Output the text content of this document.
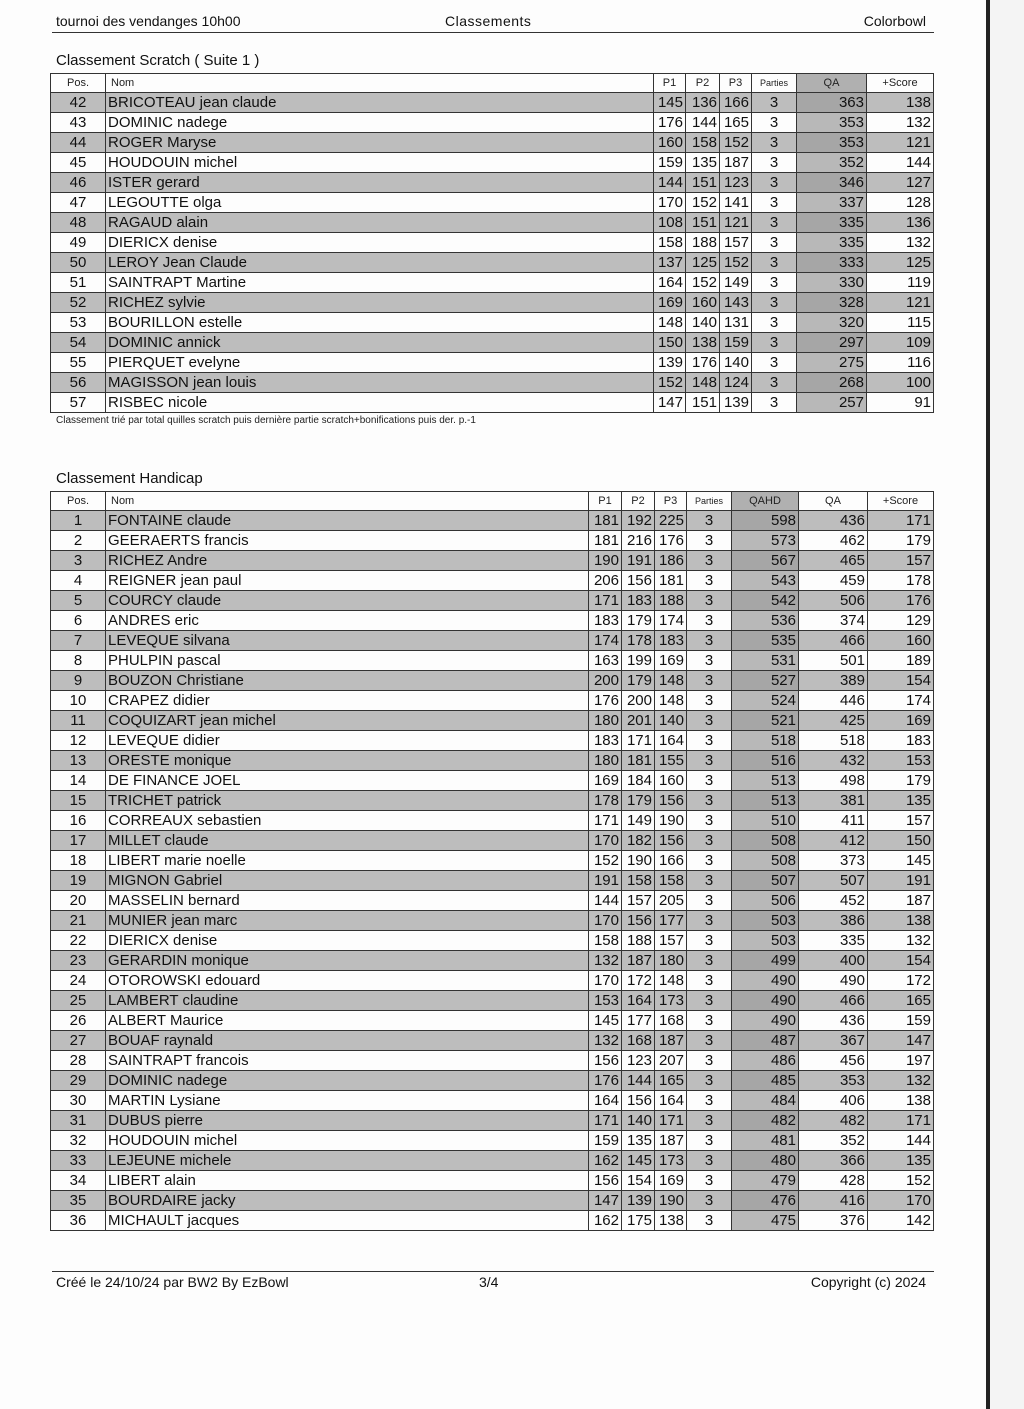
tournoi des vendanges 10h00	Classements	Colorbowl
Classement Scratch ( Suite 1 )
Pos.	Nom	P1	P2	P3	Parties	QA	+Score
42	BRICOTEAU jean claude	145	136	166	3	363	138
43	DOMINIC nadege	176	144	165	3	353	132
44	ROGER Maryse	160	158	152	3	353	121
45	HOUDOUIN michel	159	135	187	3	352	144
46	ISTER gerard	144	151	123	3	346	127
47	LEGOUTTE olga	170	152	141	3	337	128
48	RAGAUD alain	108	151	121	3	335	136
49	DIERICX denise	158	188	157	3	335	132
50	LEROY Jean Claude	137	125	152	3	333	125
51	SAINTRAPT Martine	164	152	149	3	330	119
52	RICHEZ sylvie	169	160	143	3	328	121
53	BOURILLON estelle	148	140	131	3	320	115
54	DOMINIC annick	150	138	159	3	297	109
55	PIERQUET evelyne	139	176	140	3	275	116
56	MAGISSON jean louis	152	148	124	3	268	100
57	RISBEC nicole	147	151	139	3	257	91
Classement trié par total quilles scratch puis dernière partie scratch+bonifications puis der. p.-1
Classement Handicap
Pos.	Nom	P1	P2	P3	Parties	QAHD	QA	+Score
1	FONTAINE claude	181	192	225	3	598	436	171
2	GEERAERTS francis	181	216	176	3	573	462	179
3	RICHEZ Andre	190	191	186	3	567	465	157
4	REIGNER jean paul	206	156	181	3	543	459	178
5	COURCY claude	171	183	188	3	542	506	176
6	ANDRES eric	183	179	174	3	536	374	129
7	LEVEQUE silvana	174	178	183	3	535	466	160
8	PHULPIN pascal	163	199	169	3	531	501	189
9	BOUZON Christiane	200	179	148	3	527	389	154
10	CRAPEZ didier	176	200	148	3	524	446	174
11	COQUIZART jean michel	180	201	140	3	521	425	169
12	LEVEQUE didier	183	171	164	3	518	518	183
13	ORESTE monique	180	181	155	3	516	432	153
14	DE FINANCE JOEL	169	184	160	3	513	498	179
15	TRICHET patrick	178	179	156	3	513	381	135
16	CORREAUX sebastien	171	149	190	3	510	411	157
17	MILLET claude	170	182	156	3	508	412	150
18	LIBERT marie noelle	152	190	166	3	508	373	145
19	MIGNON Gabriel	191	158	158	3	507	507	191
20	MASSELIN bernard	144	157	205	3	506	452	187
21	MUNIER jean marc	170	156	177	3	503	386	138
22	DIERICX denise	158	188	157	3	503	335	132
23	GERARDIN monique	132	187	180	3	499	400	154
24	OTOROWSKI edouard	170	172	148	3	490	490	172
25	LAMBERT claudine	153	164	173	3	490	466	165
26	ALBERT Maurice	145	177	168	3	490	436	159
27	BOUAF raynald	132	168	187	3	487	367	147
28	SAINTRAPT francois	156	123	207	3	486	456	197
29	DOMINIC nadege	176	144	165	3	485	353	132
30	MARTIN Lysiane	164	156	164	3	484	406	138
31	DUBUS pierre	171	140	171	3	482	482	171
32	HOUDOUIN michel	159	135	187	3	481	352	144
33	LEJEUNE michele	162	145	173	3	480	366	135
34	LIBERT alain	156	154	169	3	479	428	152
35	BOURDAIRE jacky	147	139	190	3	476	416	170
36	MICHAULT jacques	162	175	138	3	475	376	142
Créé le 24/10/24 par BW2 By EzBowl	3/4	Copyright (c) 2024
